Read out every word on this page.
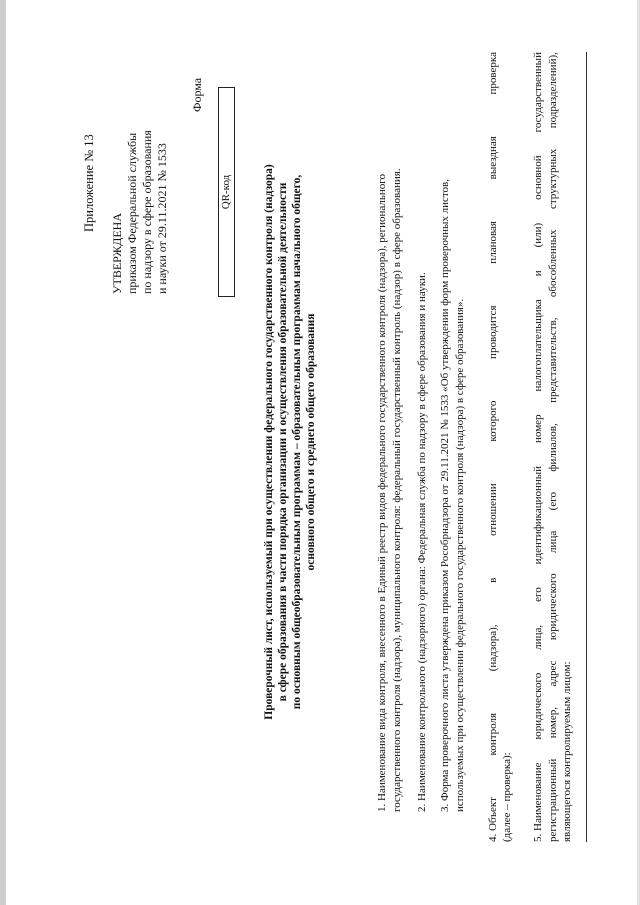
Приложение № 13
УТВЕРЖДЕНА приказом Федеральной службы по надзору в сфере образования и науки от 29.11.2021 № 1533
Форма
QR-код	Проверочный лист, используемый при осуществлении федерального государственного контроля (надзора) в сфере образования в части порядка организации и осуществления образовательной деятельности по основным общеобразовательным программам – образовательным программам начального общего, основного общего и среднего общего образования	1. Наименование вида контроля, внесенного в Единый реестр видов федерального государственного контроля (надзора), регионального государственного контроля (надзора), муниципального контроля: федеральный государственный контроль (надзор) в сфере образования. 2. Наименование контрольного (надзорного) органа: Федеральная служба по надзору в сфере образования и науки. 3. Форма проверочного листа утверждена приказом Рособрнадзора от 29.11.2021 № 1533 «Об утверждении форм проверочных листов, используемых при осуществлении федерального государственного контроля (надзора) в сфере образования».
4. Объект
контроля
(надзора),
в
отношении
которого
проводится
плановая
выездная
проверка
(далее – проверка): 5. Наименование
юридического
лица,
его
идентификационный
номер
налогоплательщика
и
(или)
основной
государственный
регистрационный
номер,
адрес
юридического
лица
(его
филиалов,
представительств,
обособленных
структурных
подразделений),
являющегося контролируемым лицом:
